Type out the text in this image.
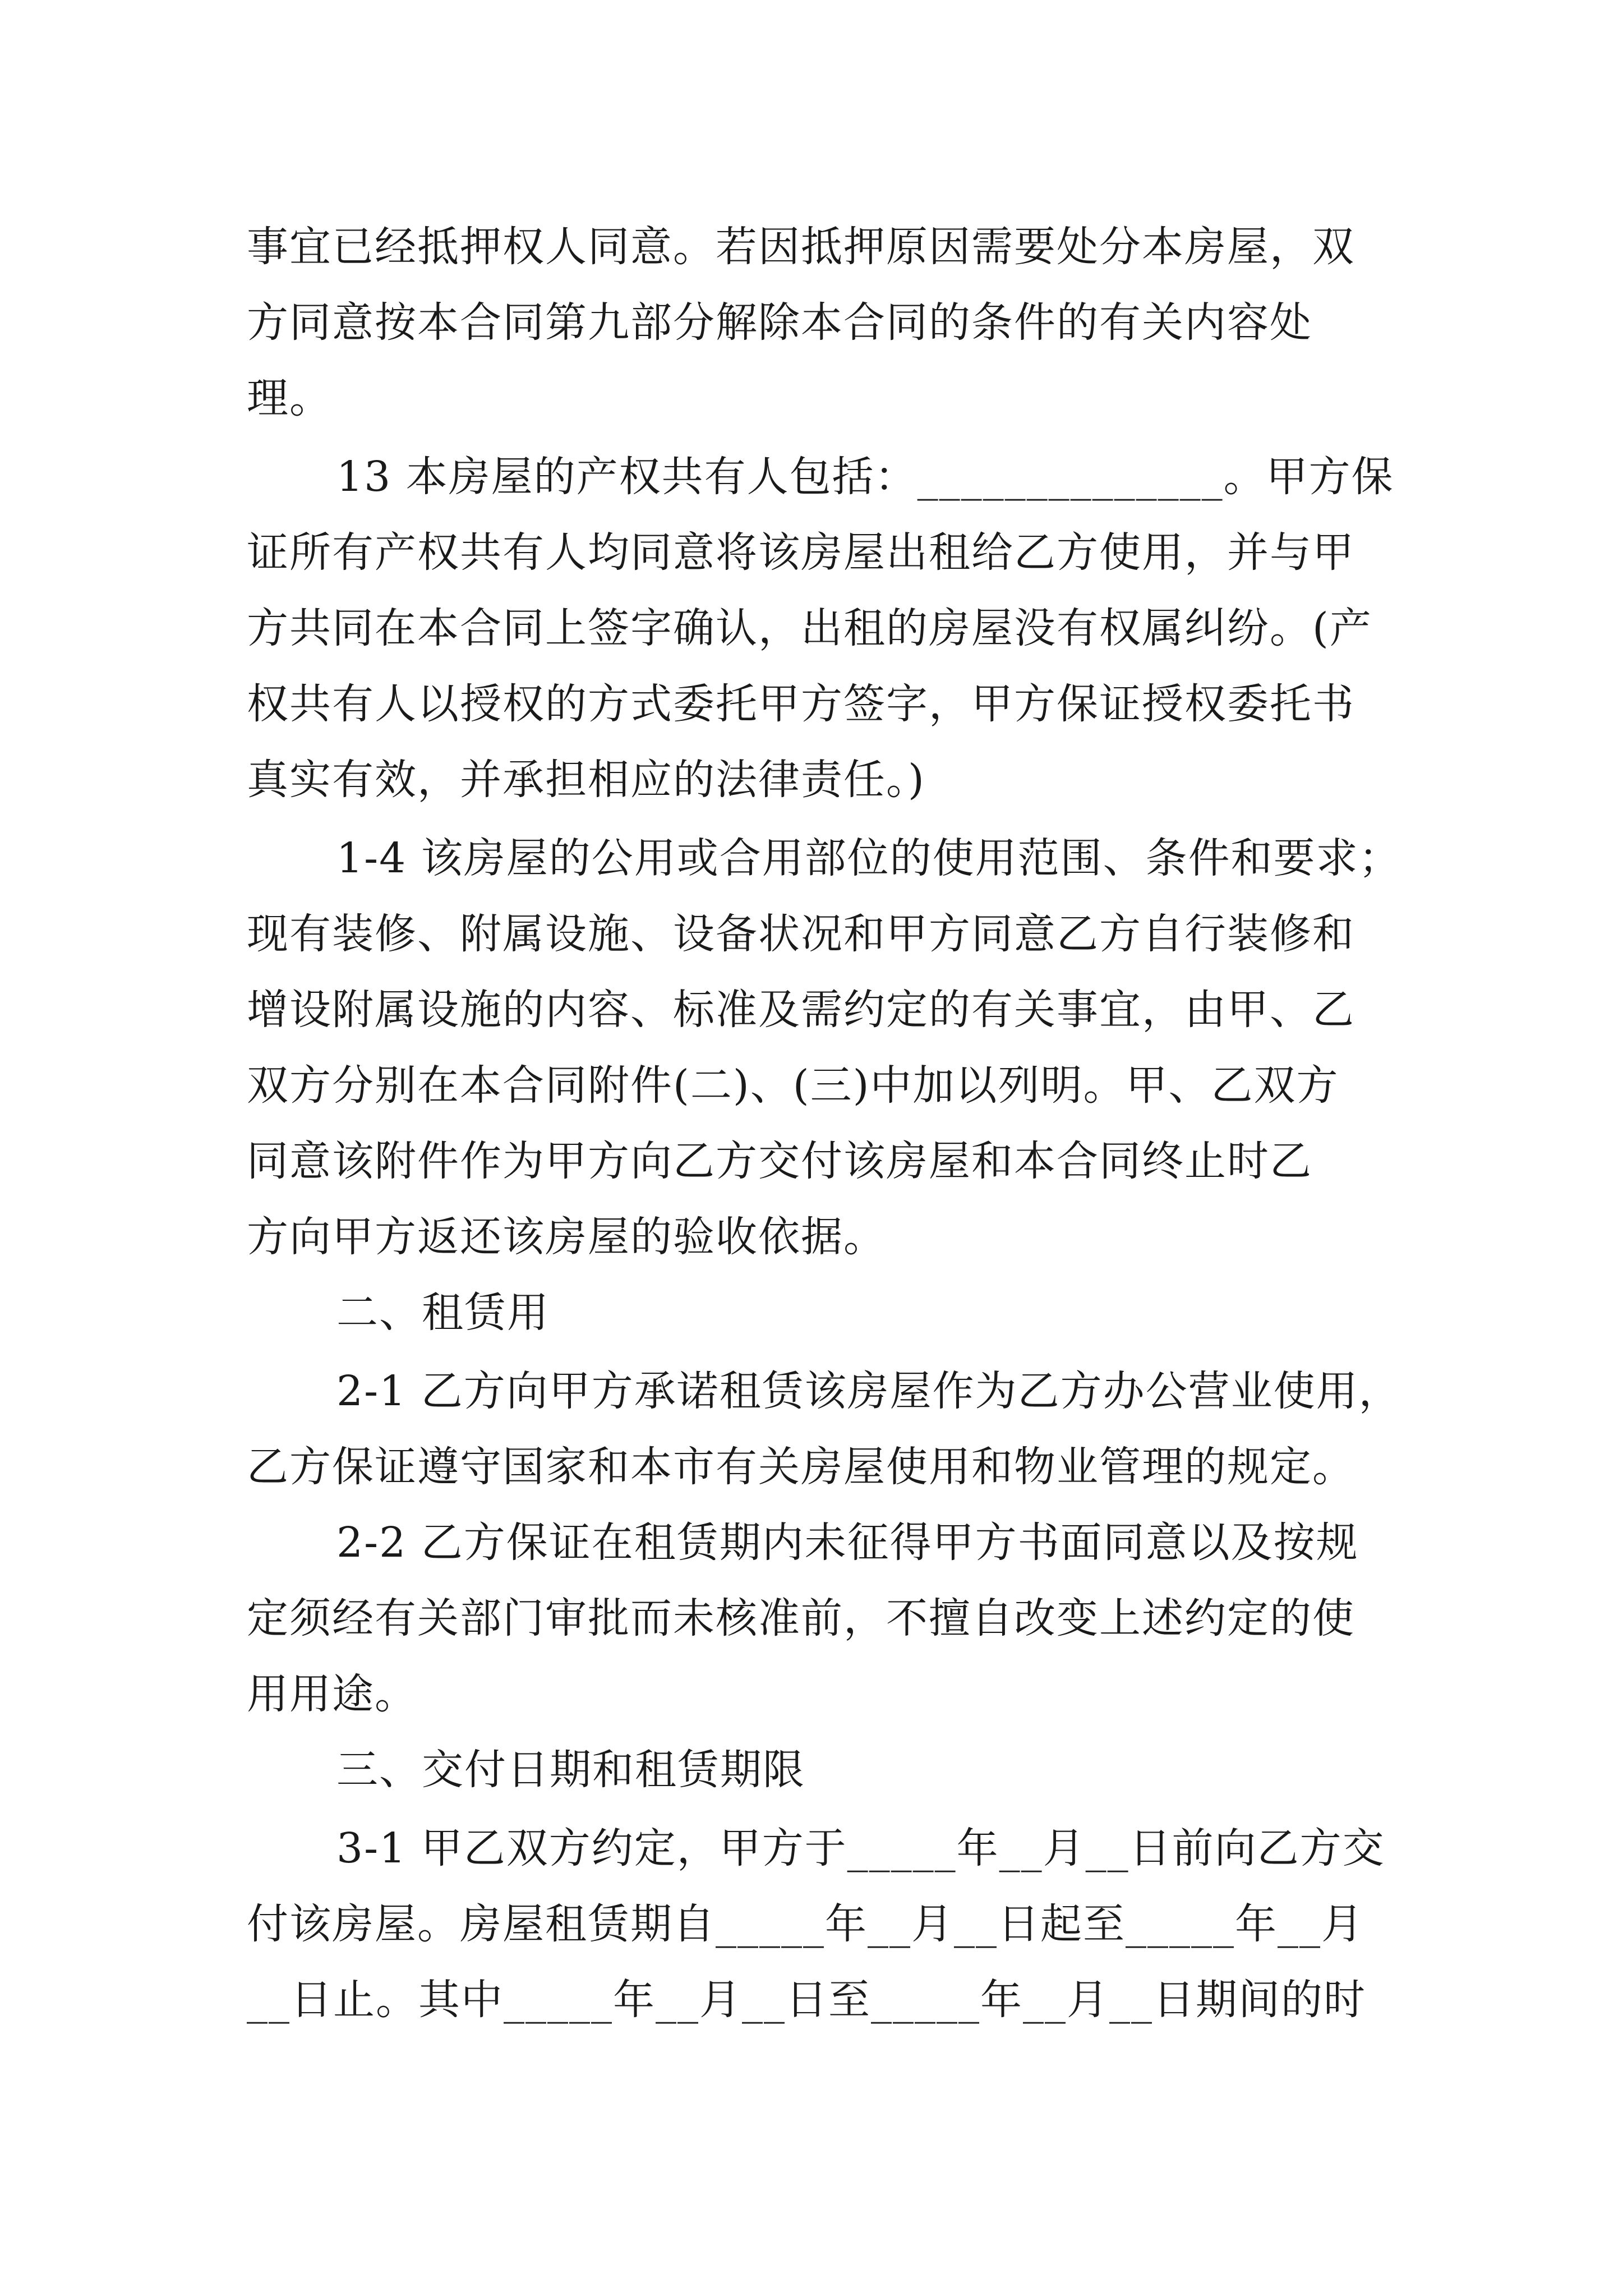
事宜已经抵押权人同意。若因抵押原因需要处分本房屋，双
方同意按本合同第九部分解除本合同的条件的有关内容处
理。
13 本房屋的产权共有人包括：______________。甲方保
证所有产权共有人均同意将该房屋出租给乙方使用，并与甲
方共同在本合同上签字确认，出租的房屋没有权属纠纷。(产
权共有人以授权的方式委托甲方签字，甲方保证授权委托书
真实有效，并承担相应的法律责任。)
1-4 该房屋的公用或合用部位的使用范围、条件和要求；
现有装修、附属设施、设备状况和甲方同意乙方自行装修和
增设附属设施的内容、标准及需约定的有关事宜，由甲、乙
双方分别在本合同附件(二)、(三)中加以列明。甲、乙双方
同意该附件作为甲方向乙方交付该房屋和本合同终止时乙
方向甲方返还该房屋的验收依据。
二、租赁用
2-1 乙方向甲方承诺租赁该房屋作为乙方办公营业使用，
乙方保证遵守国家和本市有关房屋使用和物业管理的规定。
2-2 乙方保证在租赁期内未征得甲方书面同意以及按规
定须经有关部门审批而未核准前，不擅自改变上述约定的使
用用途。
三、交付日期和租赁期限
3-1 甲乙双方约定，甲方于_____年__月__日前向乙方交
付该房屋。房屋租赁期自_____年__月__日起至_____年__月
__日止。其中_____年__月__日至_____年__月__日期间的时
